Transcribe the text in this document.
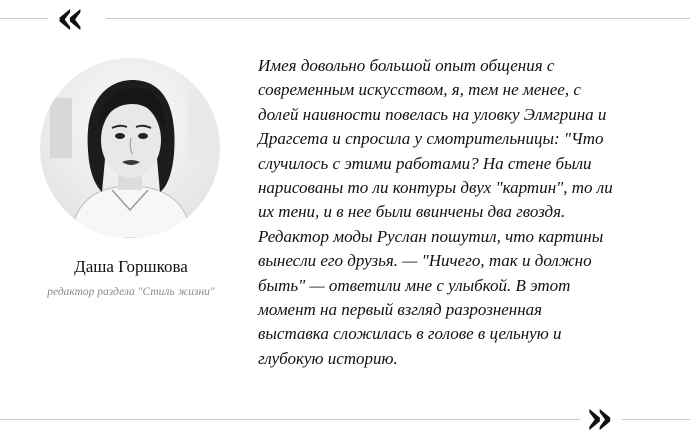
«
Даша Горшкова
редактор раздела "Стиль жизни"
Имея довольно большой опыт общения с
современным искусством, я, тем не менее, с
долей наивности повелась на уловку Элмгрина и
Драгсета и спросила у смотрительницы: "Что
случилось с этими работами? На стене были
нарисованы то ли контуры двух "картин", то ли
их тени, и в нее были ввинчены два гвоздя.
Редактор моды Руслан пошутил, что картины
вынесли его друзья. — "Ничего, так и должно
быть" — ответили мне с улыбкой. В этот
момент на первый взгляд разрозненная
выставка сложилась в голове в цельную и
глубокую историю.
»
